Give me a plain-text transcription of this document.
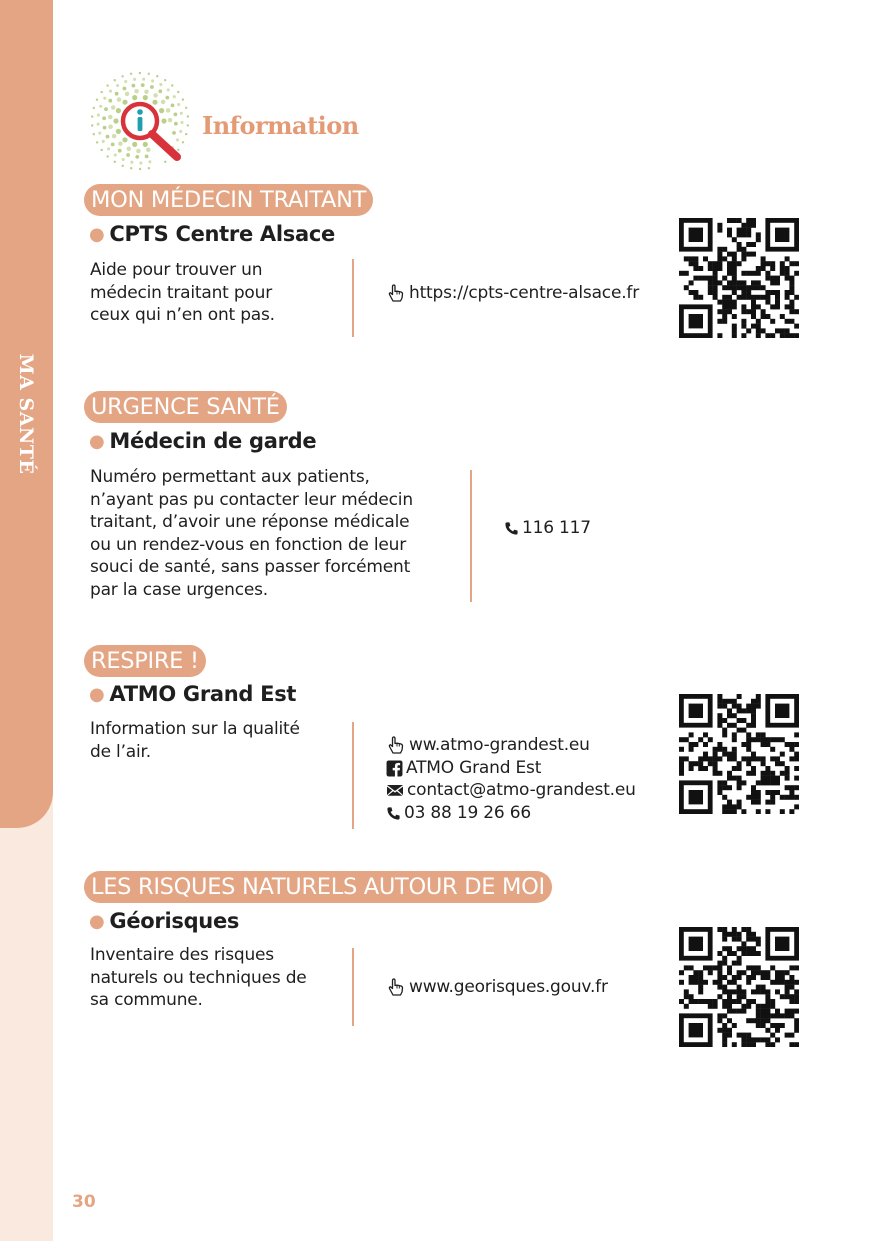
MA SANTÉ
30
Information
MON MÉDECIN TRAITANT
● CPTS Centre Alsace
Aide pour trouver un
médecin traitant pour
ceux qui n’en ont pas.
https://cpts-centre-alsace.fr
URGENCE SANTÉ
● Médecin de garde
Numéro permettant aux patients,
n’ayant pas pu contacter leur médecin
traitant, d’avoir une réponse médicale
ou un rendez-vous en fonction de leur
souci de santé, sans passer forcément
par la case urgences.
116 117
RESPIRE !
● ATMO Grand Est
Information sur la qualité
de l’air.	ww.atmo-grandest.eu
ATMO Grand Est
contact@atmo-grandest.eu
03 88 19 26 66
LES RISQUES NATURELS AUTOUR DE MOI
● Géorisques
Inventaire des risques
naturels ou techniques de
sa commune.
www.georisques.gouv.fr
